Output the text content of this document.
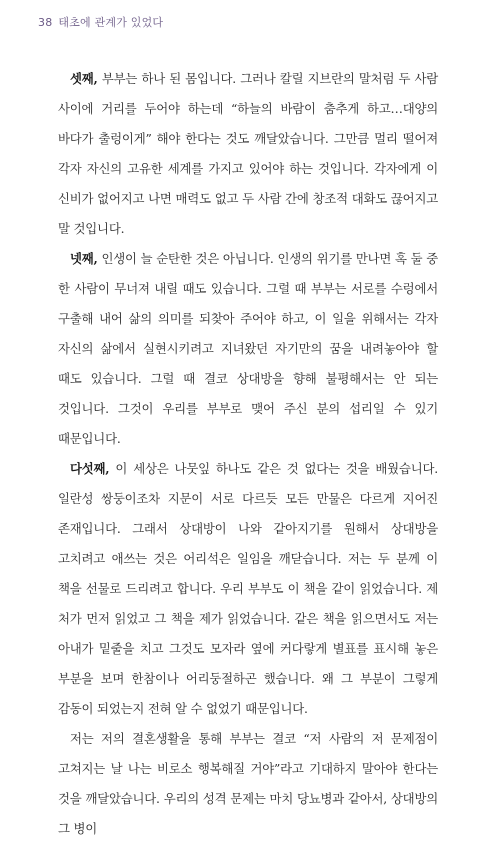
38 태초에 관계가 있었다

셋째, 부부는 하나 된 몸입니다. 그러나 칼릴 지브란의 말처럼 두 사람 사이에 거리를 두어야 하는데 “하늘의 바람이 춤추게 하고…대양의 바다가 출렁이게” 해야 한다는 것도 깨달았습니다. 그만큼 멀리 떨어져 각자 자신의 고유한 세계를 가지고 있어야 하는 것입니다. 각자에게 이 신비가 없어지고 나면 매력도 없고 두 사람 간에 창조적 대화도 끊어지고 말 것입니다.

넷째, 인생이 늘 순탄한 것은 아닙니다. 인생의 위기를 만나면 혹 둘 중 한 사람이 무너져 내릴 때도 있습니다. 그럴 때 부부는 서로를 수렁에서 구출해 내어 삶의 의미를 되찾아 주어야 하고, 이 일을 위해서는 각자 자신의 삶에서 실현시키려고 지녀왔던 자기만의 꿈을 내려놓아야 할 때도 있습니다. 그럴 때 결코 상대방을 향해 불평해서는 안 되는 것입니다. 그것이 우리를 부부로 맺어 주신 분의 섭리일 수 있기 때문입니다.

다섯째, 이 세상은 나뭇잎 하나도 같은 것 없다는 것을 배웠습니다. 일란성 쌍둥이조차 지문이 서로 다르듯 모든 만물은 다르게 지어진 존재입니다. 그래서 상대방이 나와 같아지기를 원해서 상대방을 고치려고 애쓰는 것은 어리석은 일임을 깨닫습니다. 저는 두 분께 이 책을 선물로 드리려고 합니다. 우리 부부도 이 책을 같이 읽었습니다. 제 처가 먼저 읽었고 그 책을 제가 읽었습니다. 같은 책을 읽으면서도 저는 아내가 밑줄을 치고 그것도 모자라 옆에 커다랗게 별표를 표시해 놓은 부분을 보며 한참이나 어리둥절하곤 했습니다. 왜 그 부분이 그렇게 감동이 되었는지 전혀 알 수 없었기 때문입니다.

저는 저의 결혼생활을 통해 부부는 결코 “저 사람의 저 문제점이 고쳐지는 날 나는 비로소 행복해질 거야”라고 기대하지 말아야 한다는 것을 깨달았습니다. 우리의 성격 문제는 마치 당뇨병과 같아서, 상대방의 그 병이
